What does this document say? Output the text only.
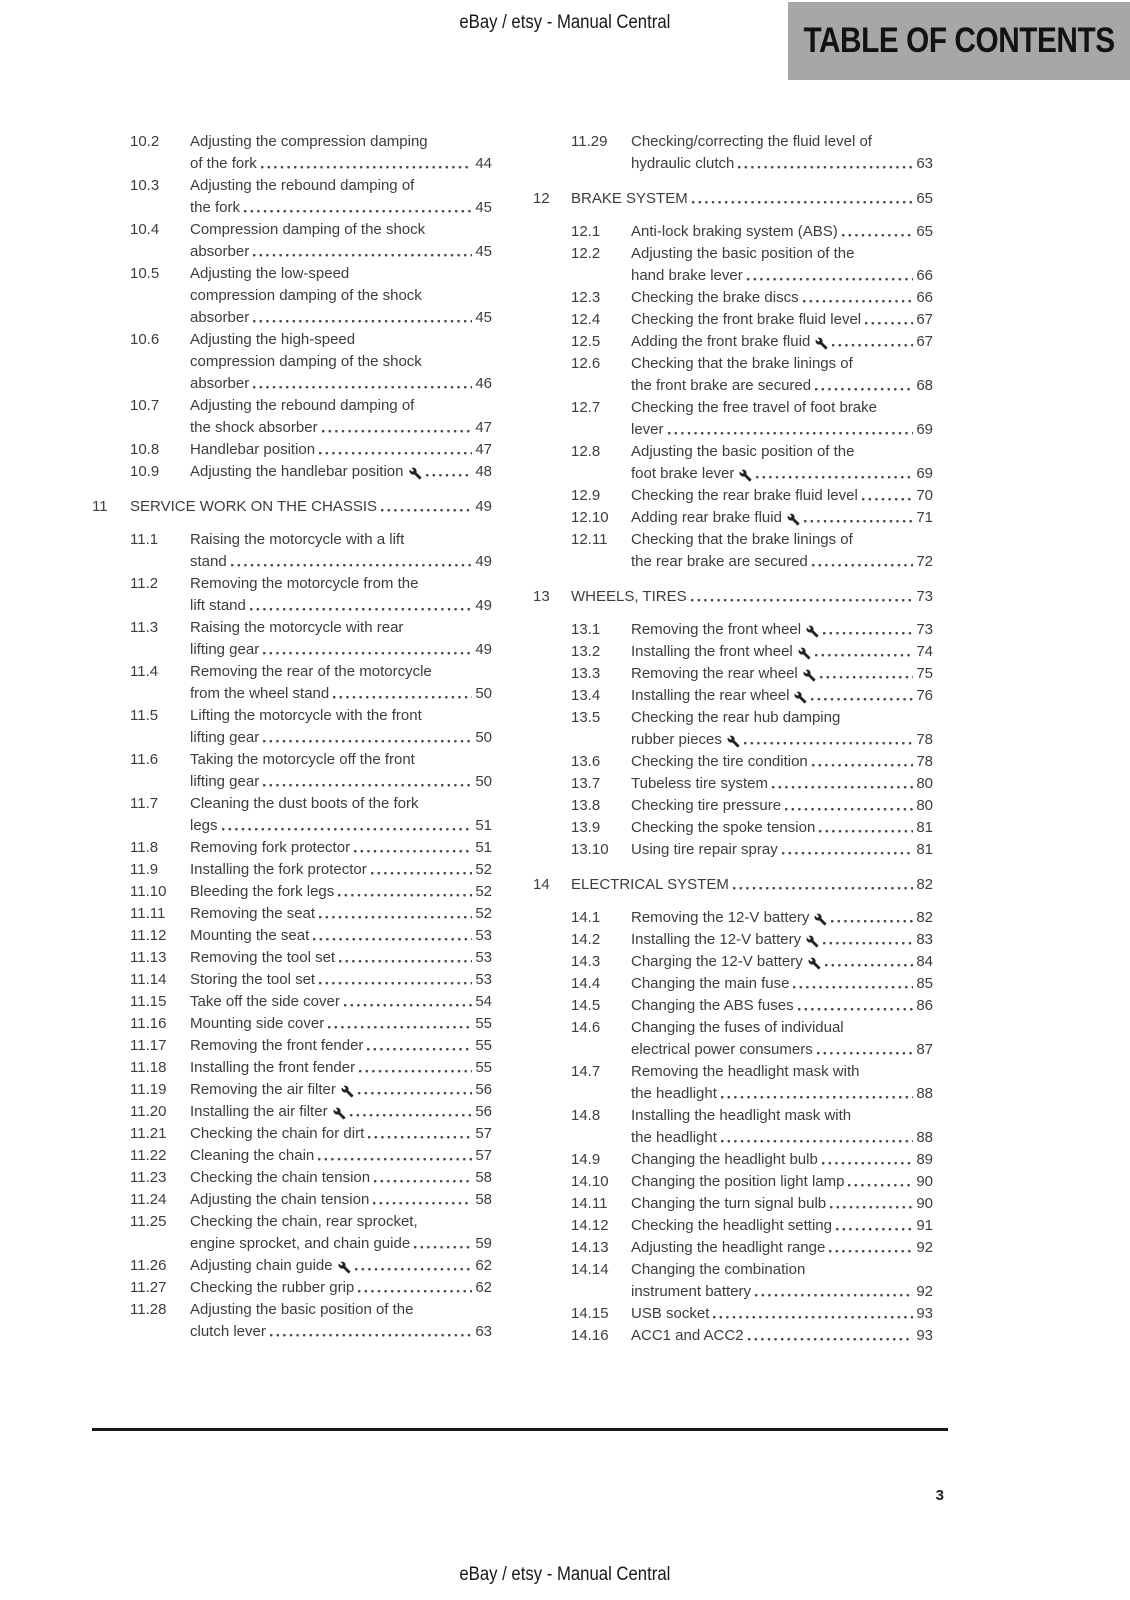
eBay / etsy - Manual Central	TABLE OF CONTENTS
10.2	Adjusting the compression damping
of the fork	44
10.3	Adjusting the rebound damping of
the fork	45
10.4	Compression damping of the shock
absorber	45
10.5	Adjusting the low-speed
compression damping of the shock
absorber	45
10.6	Adjusting the high-speed
compression damping of the shock
absorber	46
10.7	Adjusting the rebound damping of
the shock absorber	47
10.8	Handlebar position	47
10.9	Adjusting the handlebar position	48
11	SERVICE WORK ON THE CHASSIS	49
11.1	Raising the motorcycle with a lift
stand	49
11.2	Removing the motorcycle from the
lift stand	49
11.3	Raising the motorcycle with rear
lifting gear	49
11.4	Removing the rear of the motorcycle
from the wheel stand	50
11.5	Lifting the motorcycle with the front
lifting gear	50
11.6	Taking the motorcycle off the front
lifting gear	50
11.7	Cleaning the dust boots of the fork
legs	51
11.8	Removing fork protector	51
11.9	Installing the fork protector	52
11.10	Bleeding the fork legs	52
11.11	Removing the seat	52
11.12	Mounting the seat	53
11.13	Removing the tool set	53
11.14	Storing the tool set	53
11.15	Take off the side cover	54
11.16	Mounting side cover	55
11.17	Removing the front fender	55
11.18	Installing the front fender	55
11.19	Removing the air filter	56
11.20	Installing the air filter	56
11.21	Checking the chain for dirt	57
11.22	Cleaning the chain	57
11.23	Checking the chain tension	58
11.24	Adjusting the chain tension	58
11.25	Checking the chain, rear sprocket,
engine sprocket, and chain guide	59
11.26	Adjusting chain guide	62
11.27	Checking the rubber grip	62
11.28	Adjusting the basic position of the
clutch lever	63
11.29	Checking/correcting the fluid level of
hydraulic clutch	63
12	BRAKE SYSTEM	65
12.1	Anti-lock braking system (ABS)	65
12.2	Adjusting the basic position of the
hand brake lever	66
12.3	Checking the brake discs	66
12.4	Checking the front brake fluid level	67
12.5	Adding the front brake fluid	67
12.6	Checking that the brake linings of
the front brake are secured	68
12.7	Checking the free travel of foot brake
lever	69
12.8	Adjusting the basic position of the
foot brake lever	69
12.9	Checking the rear brake fluid level	70
12.10	Adding rear brake fluid	71
12.11	Checking that the brake linings of
the rear brake are secured	72
13	WHEELS, TIRES	73
13.1	Removing the front wheel	73
13.2	Installing the front wheel	74
13.3	Removing the rear wheel	75
13.4	Installing the rear wheel	76
13.5	Checking the rear hub damping
rubber pieces	78
13.6	Checking the tire condition	78
13.7	Tubeless tire system	80
13.8	Checking tire pressure	80
13.9	Checking the spoke tension	81
13.10	Using tire repair spray	81
14	ELECTRICAL SYSTEM	82
14.1	Removing the 12-V battery	82
14.2	Installing the 12-V battery	83
14.3	Charging the 12-V battery	84
14.4	Changing the main fuse	85
14.5	Changing the ABS fuses	86
14.6	Changing the fuses of individual
electrical power consumers	87
14.7	Removing the headlight mask with
the headlight	88
14.8	Installing the headlight mask with
the headlight	88
14.9	Changing the headlight bulb	89
14.10	Changing the position light lamp	90
14.11	Changing the turn signal bulb	90
14.12	Checking the headlight setting	91
14.13	Adjusting the headlight range	92
14.14	Changing the combination
instrument battery	92
14.15	USB socket	93
14.16	ACC1 and ACC2	93
3
eBay / etsy - Manual Central
